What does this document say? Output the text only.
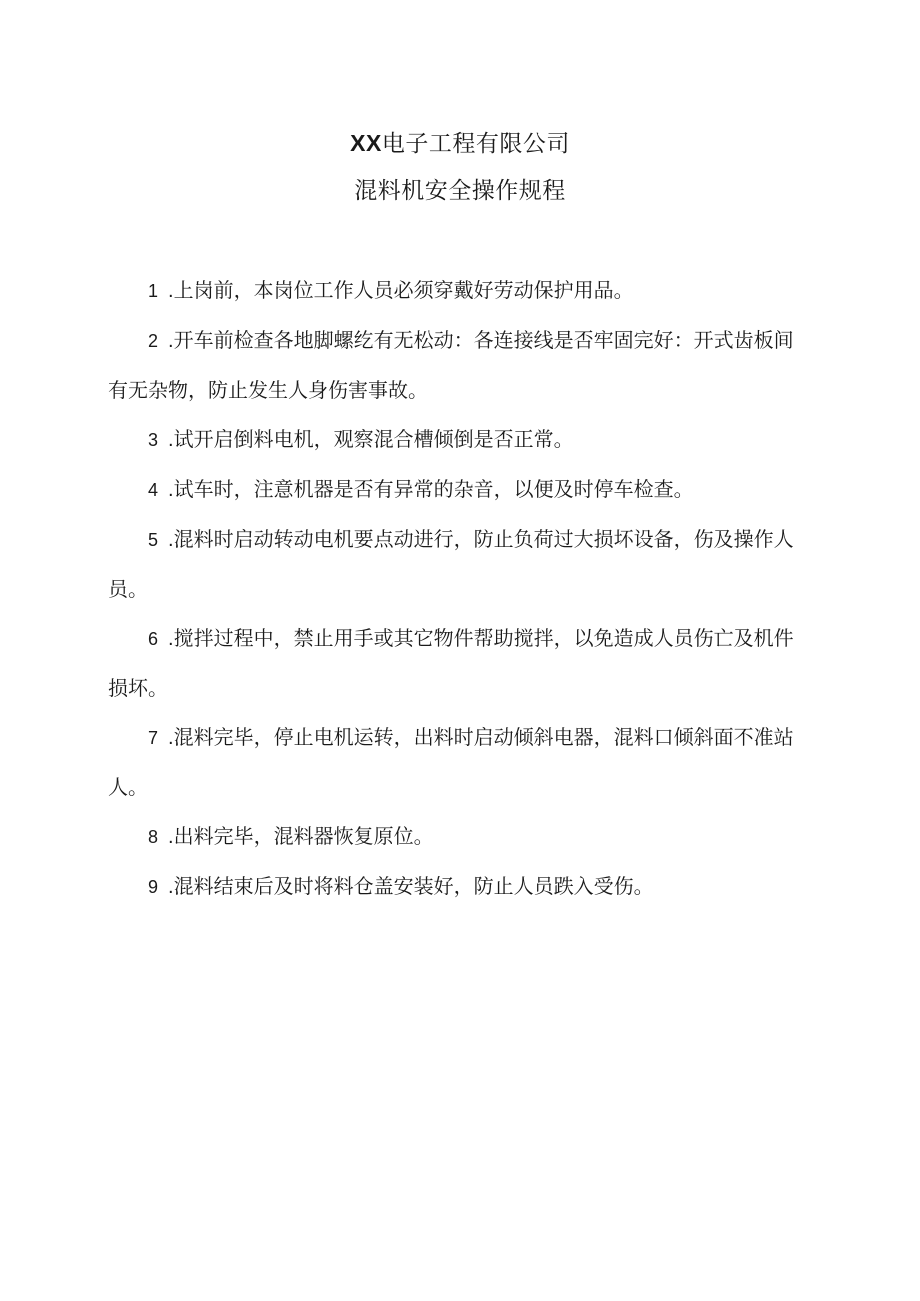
XX电子工程有限公司
混料机安全操作规程

1 .上岗前，本岗位工作人员必须穿戴好劳动保护用品。

2 .开车前检查各地脚螺纥有无松动：各连接线是否牢固完好：开式齿板间有无杂物，防止发生人身伤害事故。

3 .试开启倒料电机，观察混合槽倾倒是否正常。

4 .试车时，注意机器是否有异常的杂音，以便及时停车检查。

5 .混料时启动转动电机要点动进行，防止负荷过大损坏设备，伤及操作人员。

6 .搅拌过程中，禁止用手或其它物件帮助搅拌，以免造成人员伤亡及机件损坏。

7 .混料完毕，停止电机运转，出料时启动倾斜电器，混料口倾斜面不准站人。

8 .出料完毕，混料器恢复原位。

9 .混料结束后及时将料仓盖安装好，防止人员跌入受伤。
